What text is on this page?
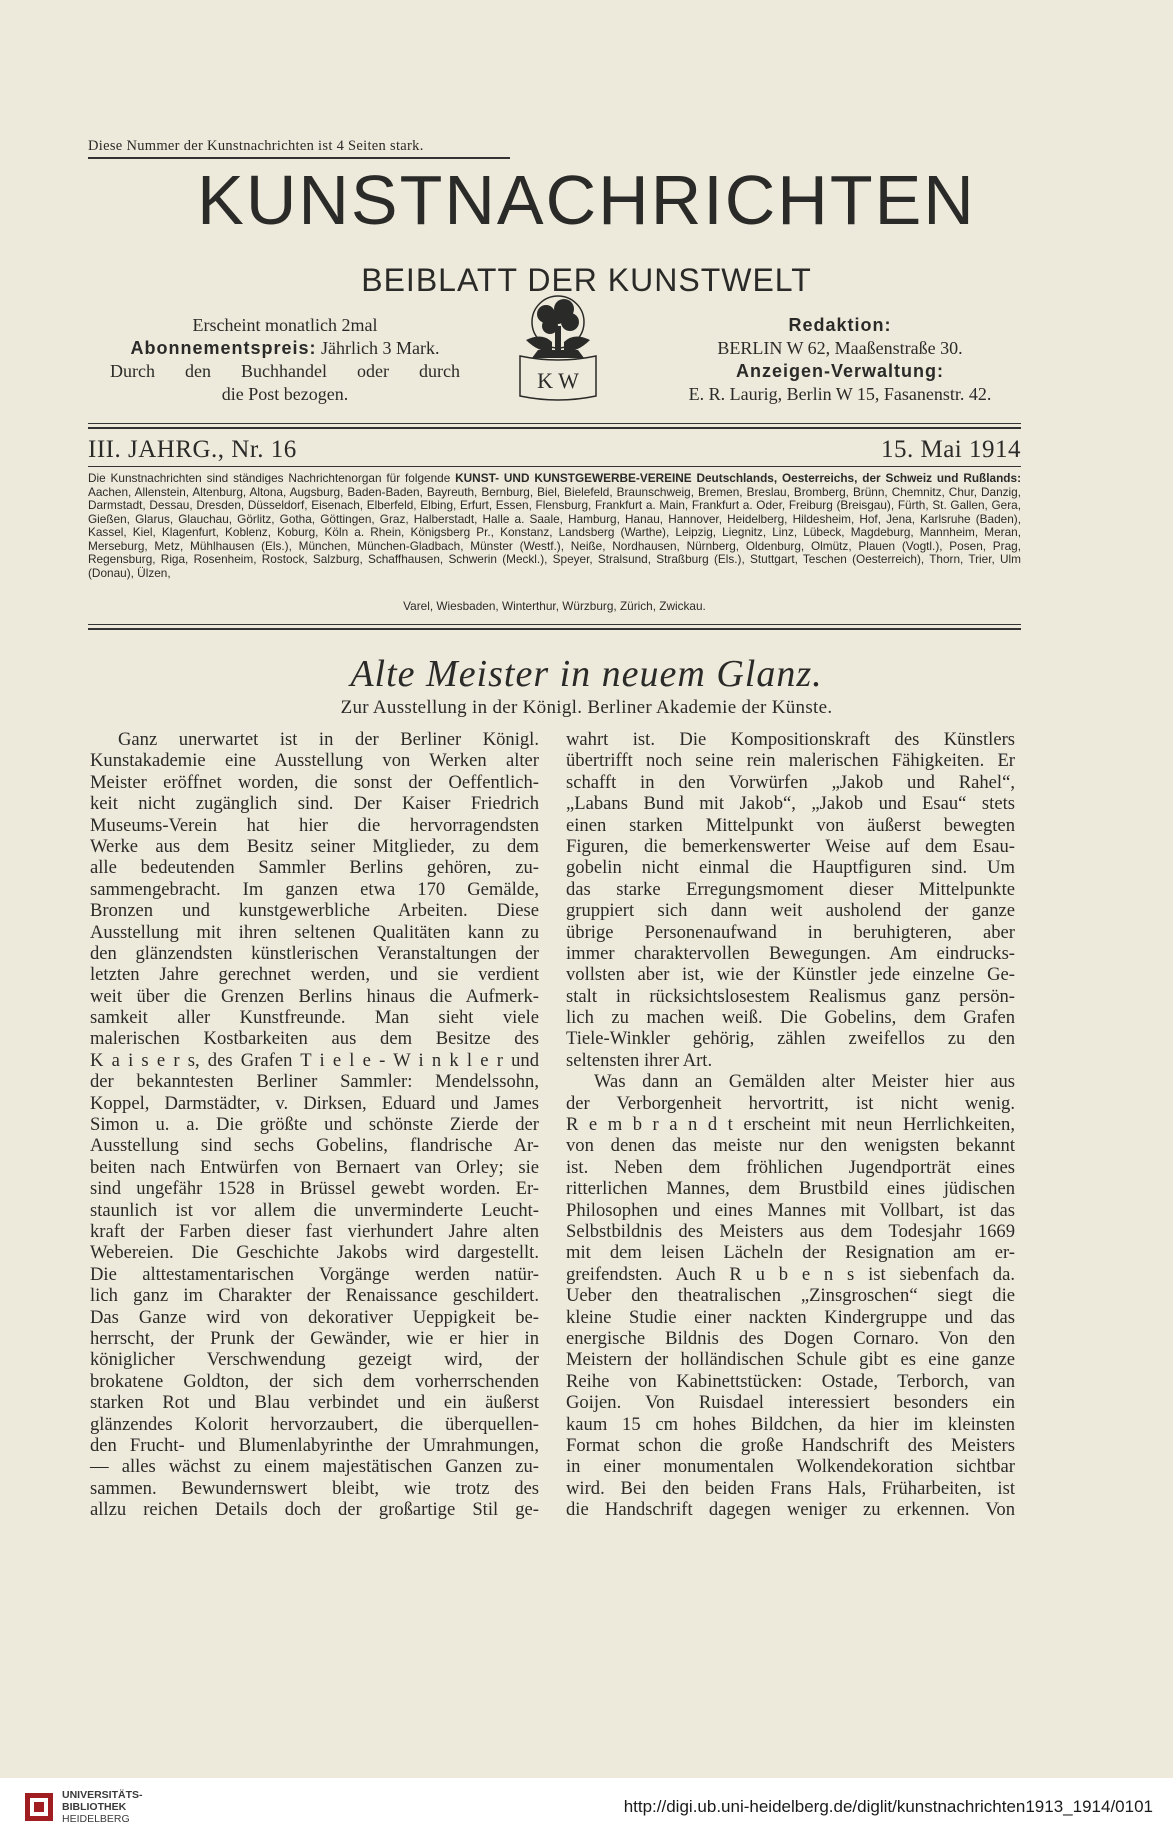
Diese Nummer der Kunstnachrichten ist 4 Seiten stark.
KUNSTNACHRICHTEN
BEIBLATT DER KUNSTWELT
Erscheint monatlich 2mal
Abonnementspreis: Jährlich 3 Mark.
Durch den Buchhandel oder durch
die Post bezogen.
K W
Redaktion:
BERLIN W 62, Maaßenstraße 30.
Anzeigen-Verwaltung:
E. R. Laurig, Berlin W 15, Fasanenstr. 42.
III. JAHRG., Nr. 16	15. Mai 1914
Die Kunstnachrichten sind ständiges Nachrichtenorgan für folgende KUNST- UND KUNSTGEWERBE-VEREINE Deutschlands, Oesterreichs, der Schweiz und Rußlands: Aachen, Allenstein, Altenburg, Altona, Augsburg, Baden-Baden, Bayreuth, Bernburg, Biel, Bielefeld, Braunschweig, Bremen, Breslau, Bromberg, Brünn, Chemnitz, Chur, Danzig, Darmstadt, Dessau, Dresden, Düsseldorf, Eisenach, Elberfeld, Elbing, Erfurt, Essen, Flensburg, Frankfurt a. Main, Frankfurt a. Oder, Freiburg (Breisgau), Fürth, St. Gallen, Gera, Gießen, Glarus, Glauchau, Görlitz, Gotha, Göttingen, Graz, Halberstadt, Halle a. Saale, Hamburg, Hanau, Hannover, Heidelberg, Hildesheim, Hof, Jena, Karlsruhe (Baden), Kassel, Kiel, Klagenfurt, Koblenz, Koburg, Köln a. Rhein, Königsberg Pr., Konstanz, Landsberg (Warthe), Leipzig, Liegnitz, Linz, Lübeck, Magdeburg, Mannheim, Meran, Merseburg, Metz, Mühlhausen (Els.), München, München-Gladbach, Münster (Westf.), Neiße, Nordhausen, Nürnberg, Oldenburg, Olmütz, Plauen (Vogtl.), Posen, Prag, Regensburg, Riga, Rosenheim, Rostock, Salzburg, Schaffhausen, Schwerin (Meckl.), Speyer, Stralsund, Straßburg (Els.), Stuttgart, Teschen (Oesterreich), Thorn, Trier, Ulm (Donau), Ülzen,
Varel, Wiesbaden, Winterthur, Würzburg, Zürich, Zwickau.
Alte Meister in neuem Glanz.
Zur Ausstellung in der Königl. Berliner Akademie der Künste.
Ganz unerwartet ist in der Berliner Königl.
Kunstakademie eine Ausstellung von Werken alter
Meister eröffnet worden, die sonst der Oeffentlich-
keit nicht zugänglich sind. Der Kaiser Friedrich
Museums-Verein hat hier die hervorragendsten
Werke aus dem Besitz seiner Mitglieder, zu dem
alle bedeutenden Sammler Berlins gehören, zu-
sammengebracht. Im ganzen etwa 170 Gemälde,
Bronzen und kunstgewerbliche Arbeiten. Diese
Ausstellung mit ihren seltenen Qualitäten kann zu
den glänzendsten künstlerischen Veranstaltungen der
letzten Jahre gerechnet werden, und sie verdient
weit über die Grenzen Berlins hinaus die Aufmerk-
samkeit aller Kunstfreunde. Man sieht viele
malerischen Kostbarkeiten aus dem Besitze des
K a i s e r s, des Grafen T i e l e - W i n k l e r und
der bekanntesten Berliner Sammler: Mendelssohn,
Koppel, Darmstädter, v. Dirksen, Eduard und James
Simon u. a. Die größte und schönste Zierde der
Ausstellung sind sechs Gobelins, flandrische Ar-
beiten nach Entwürfen von Bernaert van Orley; sie
sind ungefähr 1528 in Brüssel gewebt worden. Er-
staunlich ist vor allem die unverminderte Leucht-
kraft der Farben dieser fast vierhundert Jahre alten
Webereien. Die Geschichte Jakobs wird dargestellt.
Die alttestamentarischen Vorgänge werden natür-
lich ganz im Charakter der Renaissance geschildert.
Das Ganze wird von dekorativer Ueppigkeit be-
herrscht, der Prunk der Gewänder, wie er hier in
königlicher Verschwendung gezeigt wird, der
brokatene Goldton, der sich dem vorherrschenden
starken Rot und Blau verbindet und ein äußerst
glänzendes Kolorit hervorzaubert, die überquellen-
den Frucht- und Blumenlabyrinthe der Umrahmungen,
— alles wächst zu einem majestätischen Ganzen zu-
sammen. Bewundernswert bleibt, wie trotz des
allzu reichen Details doch der großartige Stil ge-
wahrt ist. Die Kompositionskraft des Künstlers
übertrifft noch seine rein malerischen Fähigkeiten. Er
schafft in den Vorwürfen „Jakob und Rahel“,
„Labans Bund mit Jakob“, „Jakob und Esau“ stets
einen starken Mittelpunkt von äußerst bewegten
Figuren, die bemerkenswerter Weise auf dem Esau-
gobelin nicht einmal die Hauptfiguren sind. Um
das starke Erregungsmoment dieser Mittelpunkte
gruppiert sich dann weit ausholend der ganze
übrige Personenaufwand in beruhigteren, aber
immer charaktervollen Bewegungen. Am eindrucks-
vollsten aber ist, wie der Künstler jede einzelne Ge-
stalt in rücksichtslosestem Realismus ganz persön-
lich zu machen weiß. Die Gobelins, dem Grafen
Tiele-Winkler gehörig, zählen zweifellos zu den
seltensten ihrer Art.
Was dann an Gemälden alter Meister hier aus
der Verborgenheit hervortritt, ist nicht wenig.
R e m b r a n d t erscheint mit neun Herrlichkeiten,
von denen das meiste nur den wenigsten bekannt
ist. Neben dem fröhlichen Jugendporträt eines
ritterlichen Mannes, dem Brustbild eines jüdischen
Philosophen und eines Mannes mit Vollbart, ist das
Selbstbildnis des Meisters aus dem Todesjahr 1669
mit dem leisen Lächeln der Resignation am er-
greifendsten. Auch R u b e n s ist siebenfach da.
Ueber den theatralischen „Zinsgroschen“ siegt die
kleine Studie einer nackten Kindergruppe und das
energische Bildnis des Dogen Cornaro. Von den
Meistern der holländischen Schule gibt es eine ganze
Reihe von Kabinettstücken: Ostade, Terborch, van
Goijen. Von Ruisdael interessiert besonders ein
kaum 15 cm hohes Bildchen, da hier im kleinsten
Format schon die große Handschrift des Meisters
in einer monumentalen Wolkendekoration sichtbar
wird. Bei den beiden Frans Hals, Früharbeiten, ist
die Handschrift dagegen weniger zu erkennen. Von
UNIVERSITÄTS-
BIBLIOTHEK
HEIDELBERG
http://digi.ub.uni-heidelberg.de/diglit/kunstnachrichten1913_1914/0101
